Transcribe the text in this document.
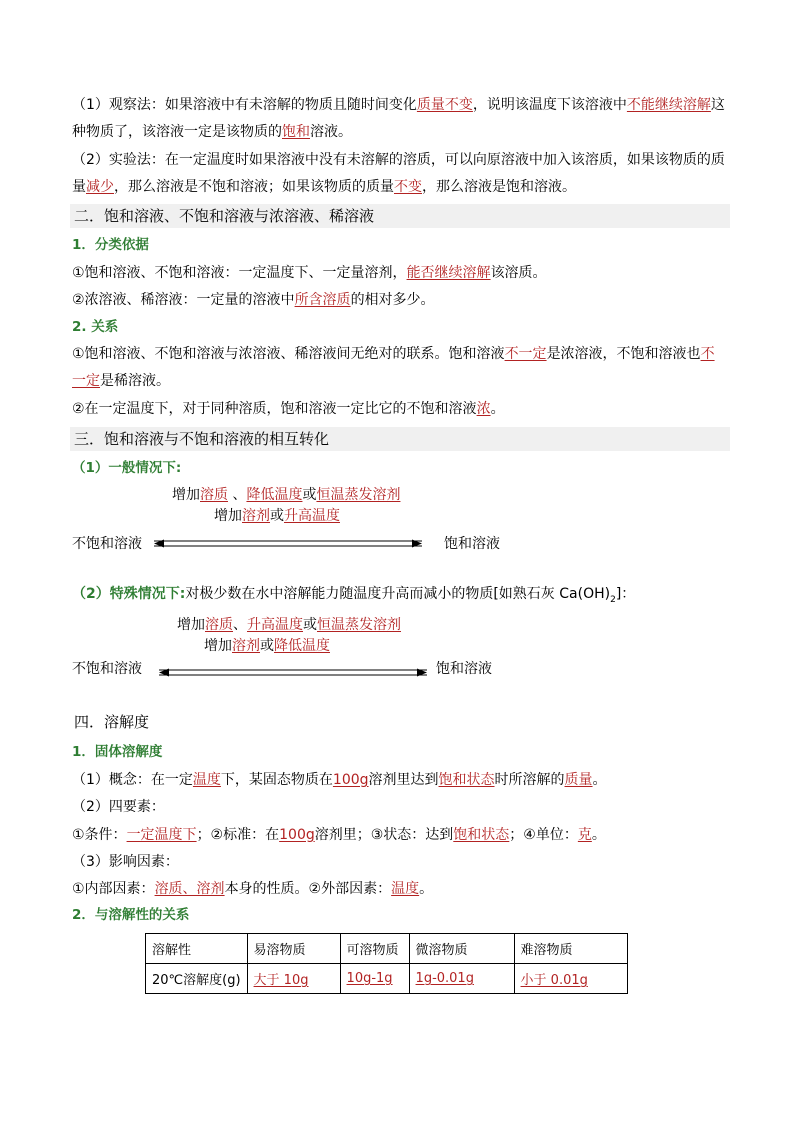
（1）观察法：如果溶液中有未溶解的物质且随时间变化质量不变，说明该温度下该溶液中不能继续溶解这
种物质了，该溶液一定是该物质的饱和溶液。
（2）实验法：在一定温度时如果溶液中没有未溶解的溶质，可以向原溶液中加入该溶质，如果该物质的质
量减少，那么溶液是不饱和溶液；如果该物质的质量不变，那么溶液是饱和溶液。
二．饱和溶液、不饱和溶液与浓溶液、稀溶液
1．分类依据
①饱和溶液、不饱和溶液：一定温度下、一定量溶剂，能否继续溶解该溶质。
②浓溶液、稀溶液：一定量的溶液中所含溶质的相对多少。
2. 关系
①饱和溶液、不饱和溶液与浓溶液、稀溶液间无绝对的联系。饱和溶液不一定是浓溶液，不饱和溶液也不
一定是稀溶液。
②在一定温度下，对于同种溶质，饱和溶液一定比它的不饱和溶液浓。
三．饱和溶液与不饱和溶液的相互转化
（1）一般情况下:
增加溶质 、降低温度或恒温蒸发溶剂
增加溶剂或升高温度
不饱和溶液	饱和溶液
（2）特殊情况下:对极少数在水中溶解能力随温度升高而减小的物质[如熟石灰 $Ca(OH)_2$]：
增加溶质、升高温度或恒温蒸发溶剂
增加溶剂或降低温度
不饱和溶液	饱和溶液
四．溶解度
1．固体溶解度
（1）概念：在一定温度下，某固态物质在100g溶剂里达到饱和状态时所溶解的质量。
（2）四要素：
①条件：一定温度下；②标准：在100g溶剂里；③状态：达到饱和状态；④单位：克。
（3）影响因素：
①内部因素：溶质、溶剂本身的性质。②外部因素：温度。
2．与溶解性的关系
溶解性	易溶物质	可溶物质	微溶物质	难溶物质
20℃溶解度(g)	大于 10g	10g-1g	1g-0.01g	小于 0.01g
